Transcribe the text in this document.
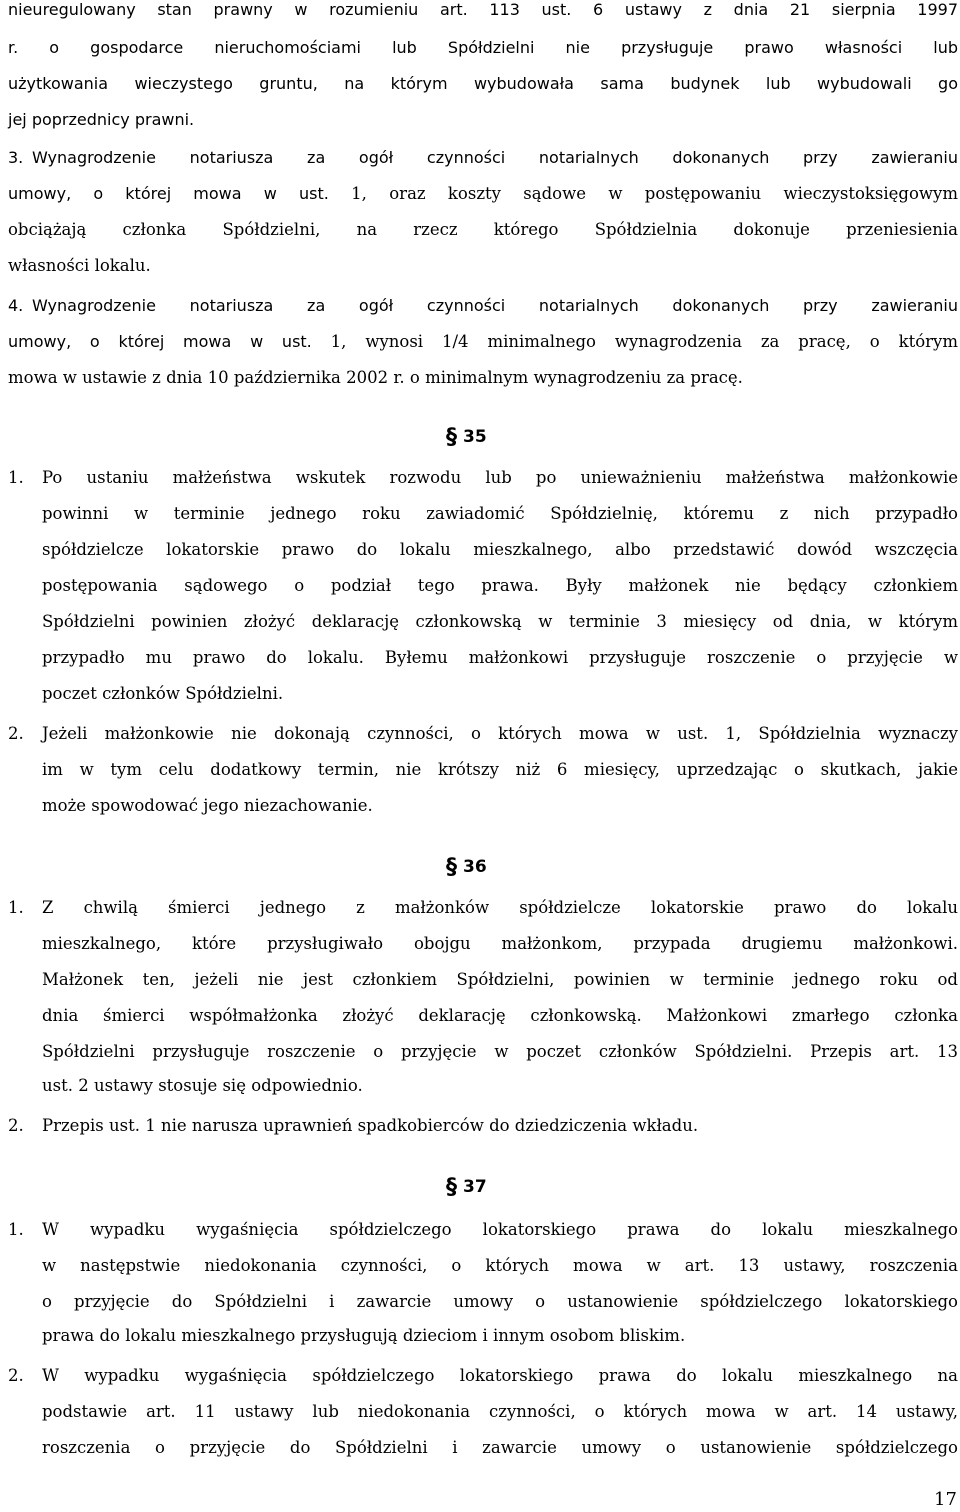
nieuregulowany stan prawny w rozumieniu art. 113 ust. 6 ustawy z dnia 21 sierpnia 1997
r. o gospodarce nieruchomościami lub Spółdzielni nie przysługuje prawo własności lub
użytkowania wieczystego gruntu, na którym wybudowała sama budynek lub wybudowali go
jej poprzednicy prawni.
3. Wynagrodzenie notariusza za ogół czynności notarialnych dokonanych przy zawieraniu
umowy, o której mowa w ust. 1, oraz koszty sądowe w postępowaniu wieczystoksięgowym
obciążają członka Spółdzielni, na rzecz którego Spółdzielnia dokonuje przeniesienia
własności lokalu.
4. Wynagrodzenie notariusza za ogół czynności notarialnych dokonanych przy zawieraniu
umowy, o której mowa w ust. 1, wynosi 1/4 minimalnego wynagrodzenia za pracę, o którym
mowa w ustawie z dnia 10 października 2002 r. o minimalnym wynagrodzeniu za pracę.
§ 35
1. Po ustaniu małżeństwa wskutek rozwodu lub po unieważnieniu małżeństwa małżonkowie
powinni w terminie jednego roku zawiadomić Spółdzielnię, któremu z nich przypadło
spółdzielcze lokatorskie prawo do lokalu mieszkalnego, albo przedstawić dowód wszczęcia
postępowania sądowego o podział tego prawa. Były małżonek nie będący członkiem
Spółdzielni powinien złożyć deklarację członkowską w terminie 3 miesięcy od dnia, w którym
przypadło mu prawo do lokalu. Byłemu małżonkowi przysługuje roszczenie o przyjęcie w
poczet członków Spółdzielni.
2. Jeżeli małżonkowie nie dokonają czynności, o których mowa w ust. 1, Spółdzielnia wyznaczy
im w tym celu dodatkowy termin, nie krótszy niż 6 miesięcy, uprzedzając o skutkach, jakie
może spowodować jego niezachowanie.
§ 36
1. Z chwilą śmierci jednego z małżonków spółdzielcze lokatorskie prawo do lokalu
mieszkalnego, które przysługiwało obojgu małżonkom, przypada drugiemu małżonkowi.
Małżonek ten, jeżeli nie jest członkiem Spółdzielni, powinien w terminie jednego roku od
dnia śmierci współmałżonka złożyć deklarację członkowską. Małżonkowi zmarłego członka
Spółdzielni przysługuje roszczenie o przyjęcie w poczet członków Spółdzielni. Przepis art. 13
ust. 2 ustawy stosuje się odpowiednio.
2. Przepis ust. 1 nie narusza uprawnień spadkobierców do dziedziczenia wkładu.
§ 37
1. W wypadku wygaśnięcia spółdzielczego lokatorskiego prawa do lokalu mieszkalnego
w następstwie niedokonania czynności, o których mowa w art. 13 ustawy, roszczenia
o przyjęcie do Spółdzielni i zawarcie umowy o ustanowienie spółdzielczego lokatorskiego
prawa do lokalu mieszkalnego przysługują dzieciom i innym osobom bliskim.
2. W wypadku wygaśnięcia spółdzielczego lokatorskiego prawa do lokalu mieszkalnego na
podstawie art. 11 ustawy lub niedokonania czynności, o których mowa w art. 14 ustawy,
roszczenia o przyjęcie do Spółdzielni i zawarcie umowy o ustanowienie spółdzielczego
17
